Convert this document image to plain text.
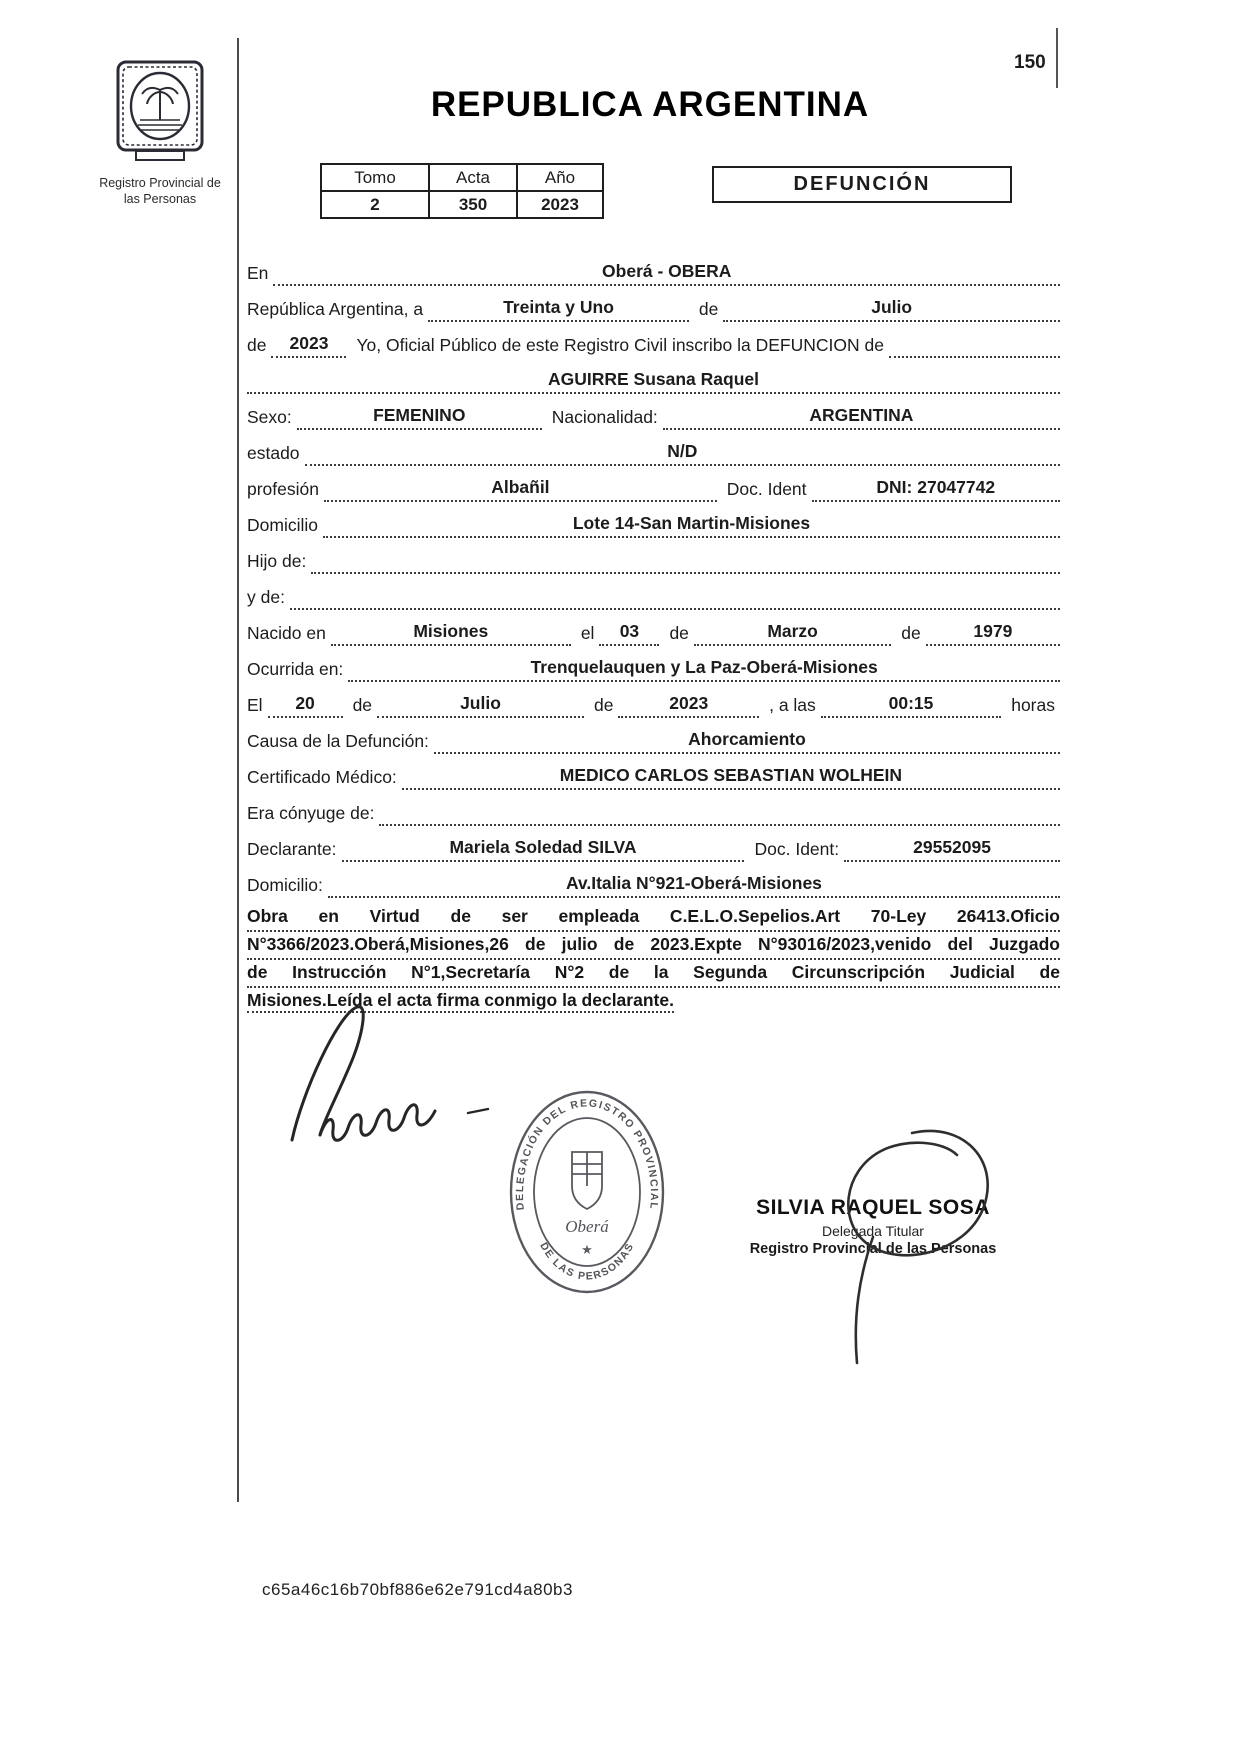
150
Registro Provincial de
las Personas
REPUBLICA ARGENTINA
Tomo	Acta	Año
2	350	2023
DEFUNCIÓN
En	Oberá - OBERA
República Argentina, a	Treinta y Uno	de	Julio
de	2023	Yo, Oficial Público de este Registro Civil inscribo la DEFUNCION de
AGUIRRE Susana Raquel
Sexo:	FEMENINO	Nacionalidad:	ARGENTINA
estado	N/D
profesión	Albañil	Doc. Ident	DNI: 27047742
Domicilio	Lote 14-San Martin-Misiones
Hijo de:
y de:
Nacido en	Misiones	el	03	de	Marzo	de	1979
Ocurrida en:	Trenquelauquen y La Paz-Oberá-Misiones
El	20	de	Julio	de	2023	, a las	00:15	horas
Causa de la Defunción:	Ahorcamiento
Certificado Médico:	MEDICO CARLOS SEBASTIAN WOLHEIN
Era cónyuge de:
Declarante:	Mariela Soledad SILVA	Doc. Ident:	29552095
Domicilio:	Av.Italia N°921-Oberá-Misiones
Obra en Virtud de ser empleada C.E.L.O.Sepelios.Art 70-Ley 26413.Oficio
N°3366/2023.Oberá,Misiones,26 de julio de 2023.Expte N°93016/2023,venido del Juzgado
de Instrucción N°1,Secretaría N°2 de la Segunda Circunscripción Judicial de
Misiones.Leída el acta firma conmigo la declarante.
DELEGACIÓN DEL REGISTRO PROVINCIAL
DE LAS PERSONAS
Oberá
★
SILVIA RAQUEL SOSA
Delegada Titular
Registro Provincial de las Personas
c65a46c16b70bf886e62e791cd4a80b3
